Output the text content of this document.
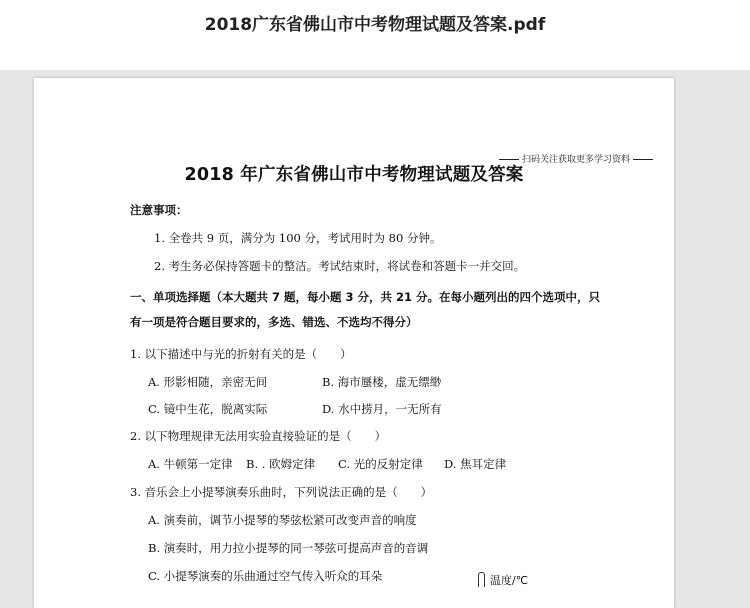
2018广东省佛山市中考物理试题及答案.pdf
扫码关注获取更多学习资料
2018 年广东省佛山市中考物理试题及答案
注意事项：
1. 全卷共 9 页，满分为 100 分，考试用时为 80 分钟。
2. 考生务必保持答题卡的整洁。考试结束时，将试卷和答题卡一并交回。
一、单项选择题（本大题共 7 题，每小题 3 分，共 21 分。在每小题列出的四个选项中，只
有一项是符合题目要求的，多选、错选、不选均不得分）
1. 以下描述中与光的折射有关的是（　　）
A. 形影相随，亲密无间	B. 海市蜃楼，虚无缥缈
C. 镜中生花，脱离实际	D. 水中捞月，一无所有
2. 以下物理规律无法用实验直接验证的是（　　）
A. 牛顿第一定律 B. . 欧姆定律 C. 光的反射定律 D. 焦耳定律
3. 音乐会上小提琴演奏乐曲时，下列说法正确的是（　　）
A. 演奏前，调节小提琴的琴弦松紧可改变声音的响度
B. 演奏时，用力拉小提琴的同一琴弦可提高声音的音调
C. 小提琴演奏的乐曲通过空气传入听众的耳朵	温度/℃
